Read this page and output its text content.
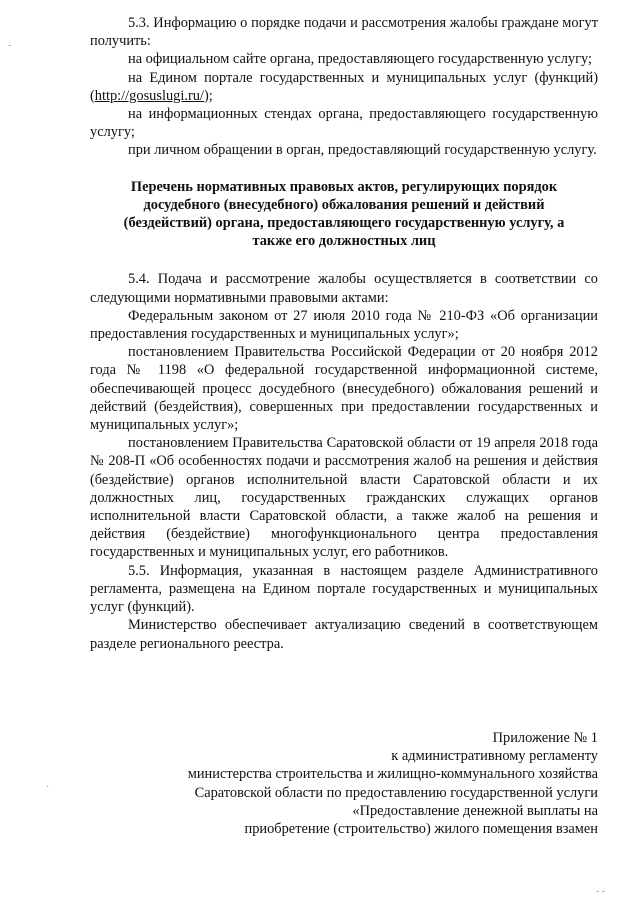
5.3. Информацию о порядке подачи и рассмотрения жалобы граждане могут получить:

на официальном сайте органа, предоставляющего государственную услугу;

на Едином портале государственных и муниципальных услуг (функций) (http://gosuslugi.ru/);

на информационных стендах органа, предоставляющего государственную услугу;

при личном обращении в орган, предоставляющий государственную услугу.

Перечень нормативных правовых актов, регулирующих порядок
досудебного (внесудебного) обжалования решений и действий
(бездействий) органа, предоставляющего государственную услугу, а
также его должностных лиц

5.4. Подача и рассмотрение жалобы осуществляется в соответствии со следующими нормативными правовыми актами:

Федеральным законом от 27 июля 2010 года № 210-ФЗ «Об организации предоставления государственных и муниципальных услуг»;

постановлением Правительства Российской Федерации от 20 ноября 2012 года № 1198 «О федеральной государственной информационной системе, обеспечивающей процесс досудебного (внесудебного) обжалования решений и действий (бездействия), совершенных при предоставлении государственных и муниципальных услуг»;

постановлением Правительства Саратовской области от 19 апреля 2018 года № 208-П «Об особенностях подачи и рассмотрения жалоб на решения и действия (бездействие) органов исполнительной власти Саратовской области и их должностных лиц, государственных гражданских служащих органов исполнительной власти Саратовской области, а также жалоб на решения и действия (бездействие) многофункционального центра предоставления государственных и муниципальных услуг, его работников.

5.5. Информация, указанная в настоящем разделе Административного регламента, размещена на Едином портале государственных и муниципальных услуг (функций).

Министерство обеспечивает актуализацию сведений в соответствующем разделе регионального реестра.

Приложение № 1
к административному регламенту
министерства строительства и жилищно-коммунального хозяйства
Саратовской области по предоставлению государственной услуги
«Предоставление денежной выплаты на
приобретение (строительство) жилого помещения взамен
-
·
- -
